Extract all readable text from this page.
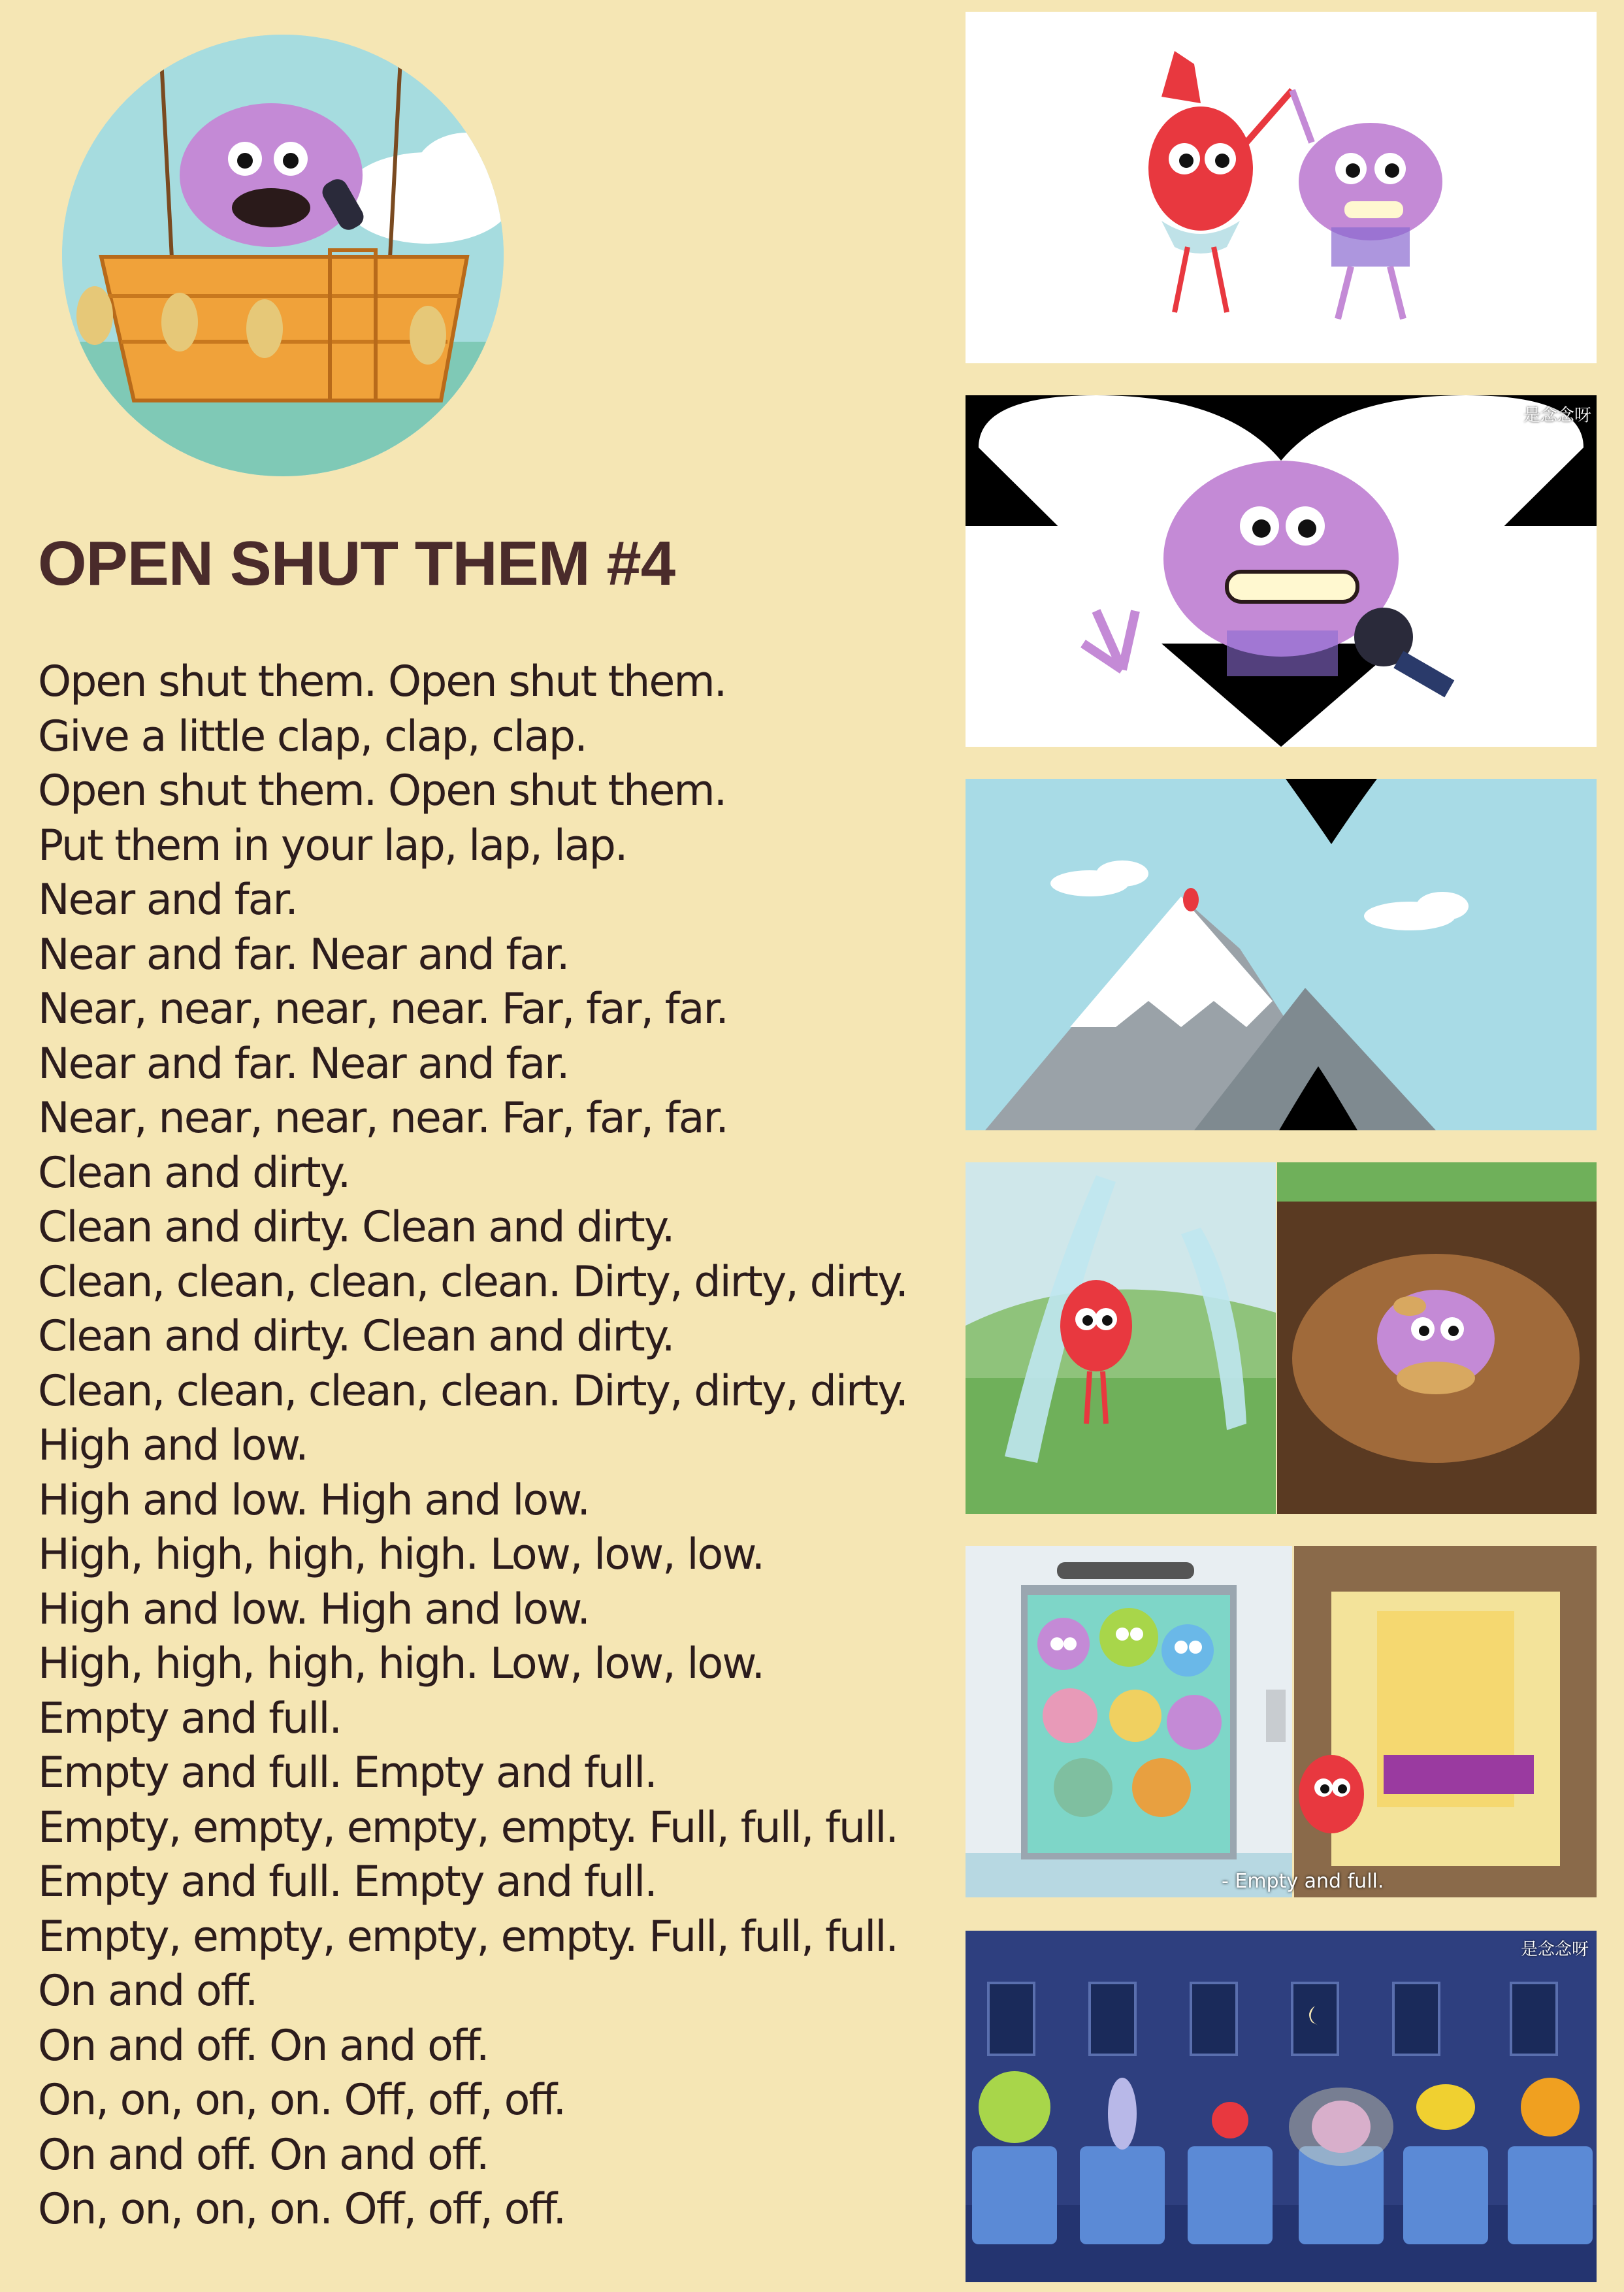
OPEN SHUT THEM #4
Open shut them. Open shut them.
Give a little clap, clap, clap.
Open shut them. Open shut them.
Put them in your lap, lap, lap.
Near and far.
Near and far. Near and far.
Near, near, near, near. Far, far, far.
Near and far. Near and far.
Near, near, near, near. Far, far, far.
Clean and dirty.
Clean and dirty. Clean and dirty.
Clean, clean, clean, clean. Dirty, dirty, dirty.
Clean and dirty. Clean and dirty.
Clean, clean, clean, clean. Dirty, dirty, dirty.
High and low.
High and low. High and low.
High, high, high, high. Low, low, low.
High and low. High and low.
High, high, high, high. Low, low, low.
Empty and full.
Empty and full. Empty and full.
Empty, empty, empty, empty. Full, full, full.
Empty and full. Empty and full.
Empty, empty, empty, empty. Full, full, full.
On and off.
On and off. On and off.
On, on, on, on. Off, off, off.
On and off. On and off.
On, on, on, on. Off, off, off.
是念念呀
- Empty and full.
是念念呀
